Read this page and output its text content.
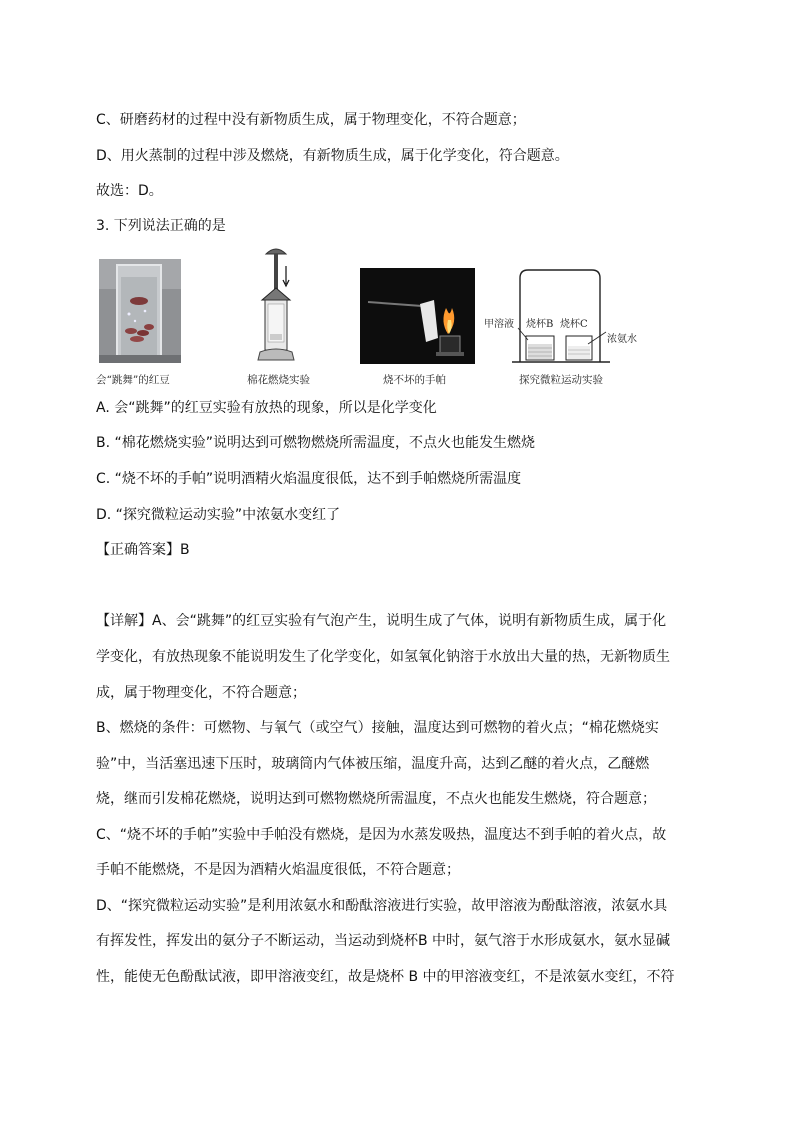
C、研磨药材的过程中没有新物质生成，属于物理变化，不符合题意；
D、用火蒸制的过程中涉及燃烧，有新物质生成，属于化学变化，符合题意。
故选：D。
3. 下列说法正确的是
会“跳舞”的红豆	棉花燃烧实验	烧不坏的手帕
甲溶液 烧杯B 烧杯C
浓氨水
探究微粒运动实验
A. 会“跳舞”的红豆实验有放热的现象，所以是化学变化
B. “棉花燃烧实验”说明达到可燃物燃烧所需温度，不点火也能发生燃烧
C. “烧不坏的手帕”说明酒精火焰温度很低，达不到手帕燃烧所需温度
D. “探究微粒运动实验”中浓氨水变红了
【正确答案】B
【详解】A、会“跳舞”的红豆实验有气泡产生，说明生成了气体，说明有新物质生成，属于化
学变化，有放热现象不能说明发生了化学变化，如氢氧化钠溶于水放出大量的热，无新物质生
成，属于物理变化，不符合题意；
B、燃烧的条件：可燃物、与氧气（或空气）接触，温度达到可燃物的着火点；“棉花燃烧实
验”中，当活塞迅速下压时，玻璃筒内气体被压缩，温度升高，达到乙醚的着火点，乙醚燃
烧，继而引发棉花燃烧，说明达到可燃物燃烧所需温度，不点火也能发生燃烧，符合题意；
C、“烧不坏的手帕”实验中手帕没有燃烧，是因为水蒸发吸热，温度达不到手帕的着火点，故
手帕不能燃烧，不是因为酒精火焰温度很低，不符合题意；
D、“探究微粒运动实验”是利用浓氨水和酚酞溶液进行实验，故甲溶液为酚酞溶液，浓氨水具
有挥发性，挥发出的氨分子不断运动，当运动到烧杯B 中时，氨气溶于水形成氨水，氨水显碱
性，能使无色酚酞试液，即甲溶液变红，故是烧杯 B 中的甲溶液变红，不是浓氨水变红，不符
